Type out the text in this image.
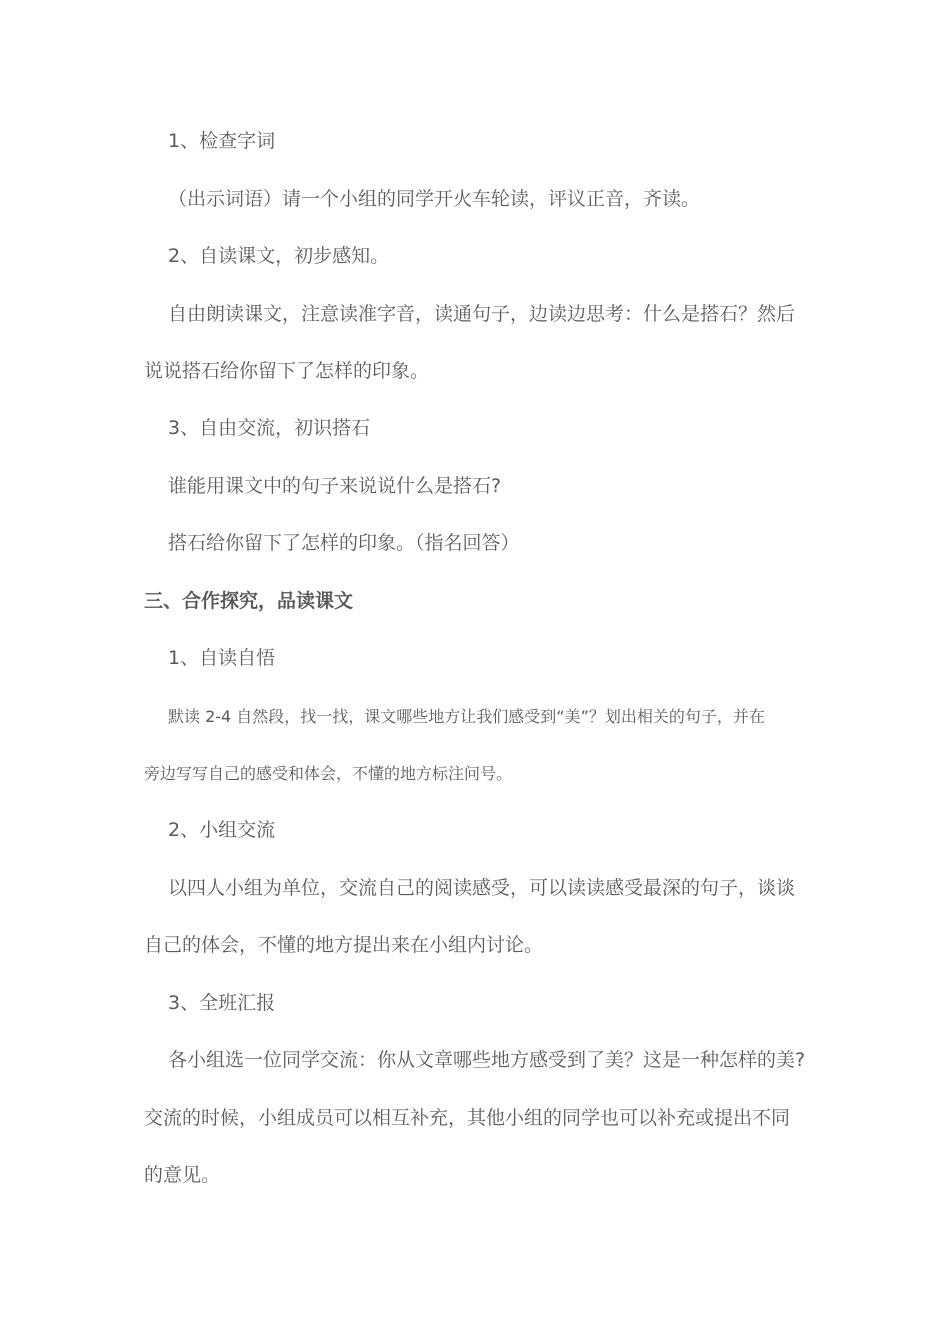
1、检查字词
（出示词语）请一个小组的同学开火车轮读，评议正音，齐读。
2、自读课文，初步感知。
自由朗读课文，注意读准字音，读通句子，边读边思考：什么是搭石？然后
说说搭石给你留下了怎样的印象。
3、自由交流，初识搭石
谁能用课文中的句子来说说什么是搭石?
搭石给你留下了怎样的印象。（指名回答）
三、合作探究，品读课文
1、自读自悟
默读 2-4 自然段，找一找，课文哪些地方让我们感受到“美”？划出相关的句子，并在
旁边写写自己的感受和体会，不懂的地方标注问号。
2、小组交流
以四人小组为单位，交流自己的阅读感受，可以读读感受最深的句子，谈谈
自己的体会，不懂的地方提出来在小组内讨论。
3、全班汇报
各小组选一位同学交流：你从文章哪些地方感受到了美？这是一种怎样的美?
交流的时候，小组成员可以相互补充，其他小组的同学也可以补充或提出不同
的意见。
